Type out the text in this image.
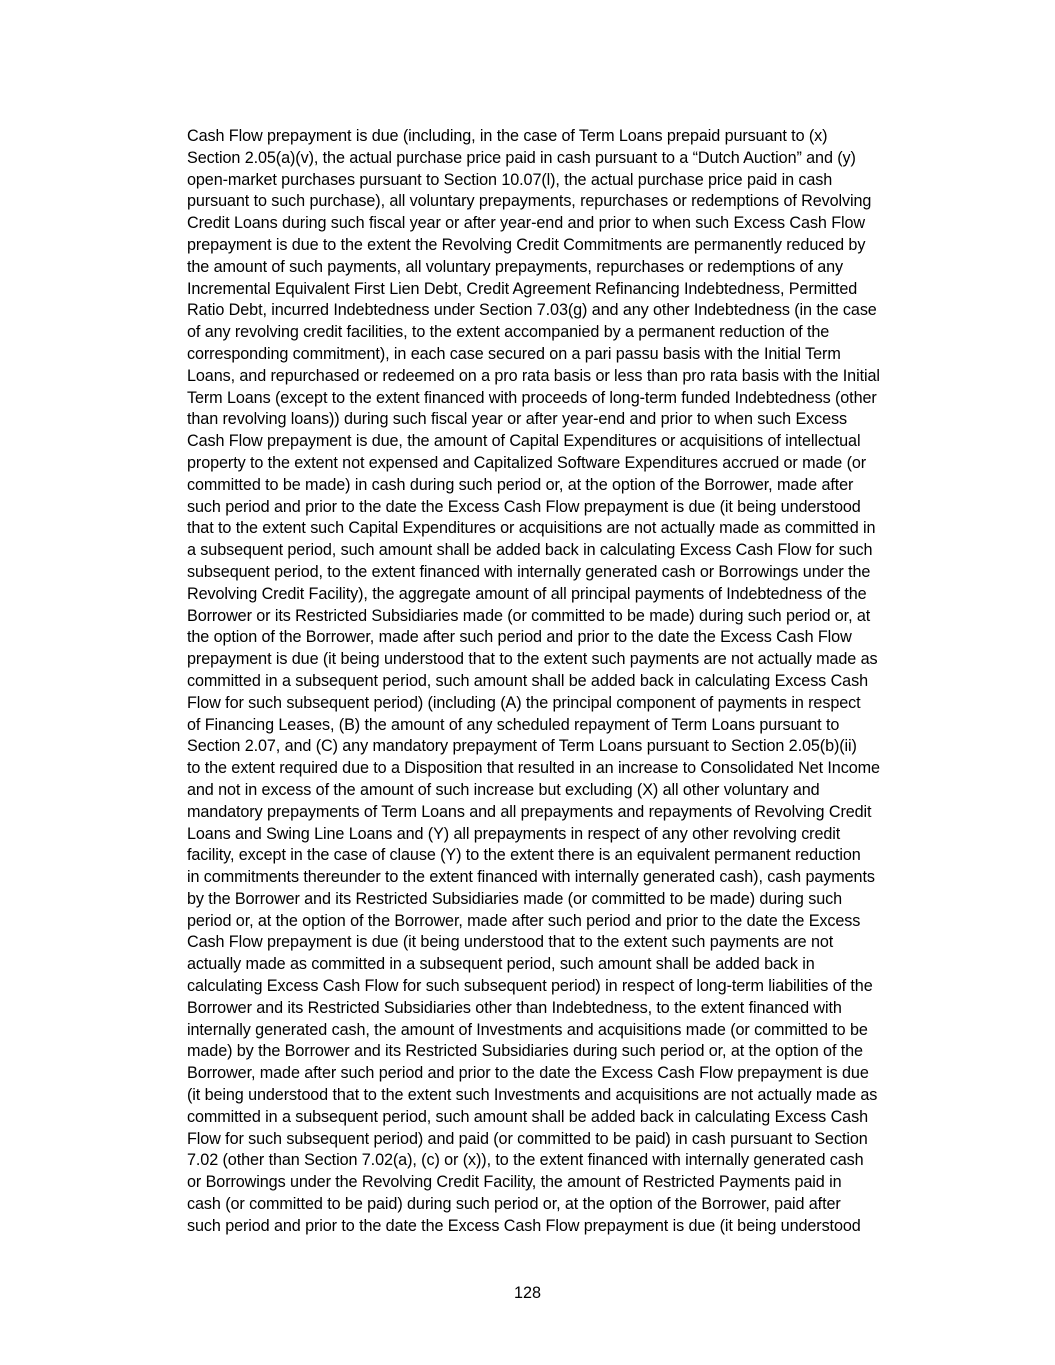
Cash Flow prepayment is due (including, in the case of Term Loans prepaid pursuant to (x)
Section 2.05(a)(v), the actual purchase price paid in cash pursuant to a “Dutch Auction” and (y)
open-market purchases pursuant to Section 10.07(l), the actual purchase price paid in cash
pursuant to such purchase), all voluntary prepayments, repurchases or redemptions of Revolving
Credit Loans during such fiscal year or after year-end and prior to when such Excess Cash Flow
prepayment is due to the extent the Revolving Credit Commitments are permanently reduced by
the amount of such payments, all voluntary prepayments, repurchases or redemptions of any
Incremental Equivalent First Lien Debt, Credit Agreement Refinancing Indebtedness, Permitted
Ratio Debt, incurred Indebtedness under Section 7.03(g) and any other Indebtedness (in the case
of any revolving credit facilities, to the extent accompanied by a permanent reduction of the
corresponding commitment), in each case secured on a pari passu basis with the Initial Term
Loans, and repurchased or redeemed on a pro rata basis or less than pro rata basis with the Initial
Term Loans (except to the extent financed with proceeds of long-term funded Indebtedness (other
than revolving loans)) during such fiscal year or after year-end and prior to when such Excess
Cash Flow prepayment is due, the amount of Capital Expenditures or acquisitions of intellectual
property to the extent not expensed and Capitalized Software Expenditures accrued or made (or
committed to be made) in cash during such period or, at the option of the Borrower, made after
such period and prior to the date the Excess Cash Flow prepayment is due (it being understood
that to the extent such Capital Expenditures or acquisitions are not actually made as committed in
a subsequent period, such amount shall be added back in calculating Excess Cash Flow for such
subsequent period, to the extent financed with internally generated cash or Borrowings under the
Revolving Credit Facility), the aggregate amount of all principal payments of Indebtedness of the
Borrower or its Restricted Subsidiaries made (or committed to be made) during such period or, at
the option of the Borrower, made after such period and prior to the date the Excess Cash Flow
prepayment is due (it being understood that to the extent such payments are not actually made as
committed in a subsequent period, such amount shall be added back in calculating Excess Cash
Flow for such subsequent period) (including (A) the principal component of payments in respect
of Financing Leases, (B) the amount of any scheduled repayment of Term Loans pursuant to
Section 2.07, and (C) any mandatory prepayment of Term Loans pursuant to Section 2.05(b)(ii)
to the extent required due to a Disposition that resulted in an increase to Consolidated Net Income
and not in excess of the amount of such increase but excluding (X) all other voluntary and
mandatory prepayments of Term Loans and all prepayments and repayments of Revolving Credit
Loans and Swing Line Loans and (Y) all prepayments in respect of any other revolving credit
facility, except in the case of clause (Y) to the extent there is an equivalent permanent reduction
in commitments thereunder to the extent financed with internally generated cash), cash payments
by the Borrower and its Restricted Subsidiaries made (or committed to be made) during such
period or, at the option of the Borrower, made after such period and prior to the date the Excess
Cash Flow prepayment is due (it being understood that to the extent such payments are not
actually made as committed in a subsequent period, such amount shall be added back in
calculating Excess Cash Flow for such subsequent period) in respect of long-term liabilities of the
Borrower and its Restricted Subsidiaries other than Indebtedness, to the extent financed with
internally generated cash, the amount of Investments and acquisitions made (or committed to be
made) by the Borrower and its Restricted Subsidiaries during such period or, at the option of the
Borrower, made after such period and prior to the date the Excess Cash Flow prepayment is due
(it being understood that to the extent such Investments and acquisitions are not actually made as
committed in a subsequent period, such amount shall be added back in calculating Excess Cash
Flow for such subsequent period) and paid (or committed to be paid) in cash pursuant to Section
7.02 (other than Section 7.02(a), (c) or (x)), to the extent financed with internally generated cash
or Borrowings under the Revolving Credit Facility, the amount of Restricted Payments paid in
cash (or committed to be paid) during such period or, at the option of the Borrower, paid after
such period and prior to the date the Excess Cash Flow prepayment is due (it being understood
128
